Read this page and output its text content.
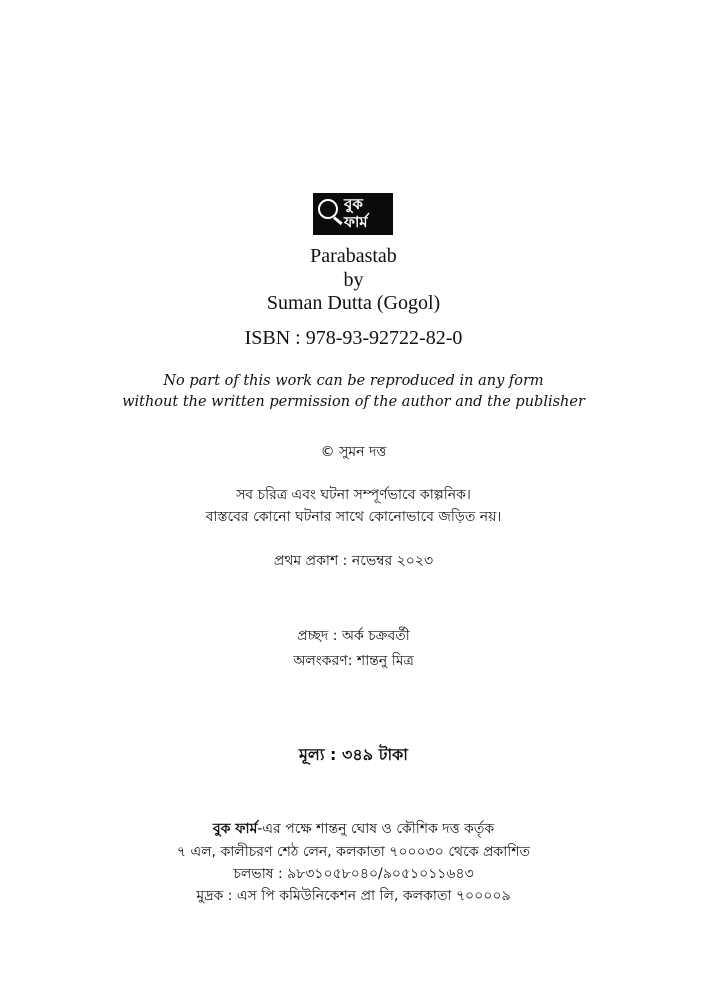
বুক
ফার্ম
Parabastab
by
Suman Dutta (Gogol)
ISBN : 978-93-92722-82-0
No part of this work can be reproduced in any form
without the written permission of the author and the publisher
© সুমন দত্ত
সব চরিত্র এবং ঘটনা সম্পূর্ণভাবে কাল্পনিক।
বাস্তবের কোনো ঘটনার সাথে কোনোভাবে জড়িত নয়।
প্রথম প্রকাশ : নভেম্বর ২০২৩
প্রচ্ছদ : অর্ক চক্রবর্তী
অলংকরণ: শান্তনু মিত্র
মূল্য : ৩৪৯ টাকা
বুক ফার্ম-এর পক্ষে শান্তনু ঘোষ ও কৌশিক দত্ত কর্তৃক
৭ এল, কালীচরণ শেঠ লেন, কলকাতা ৭০০০৩০ থেকে প্রকাশিত
চলভাষ : ৯৮৩১০৫৮০৪০/৯০৫১০১১৬৪৩
মুদ্রক : এস পি কমিউনিকেশন প্রা লি, কলকাতা ৭০০০০৯
